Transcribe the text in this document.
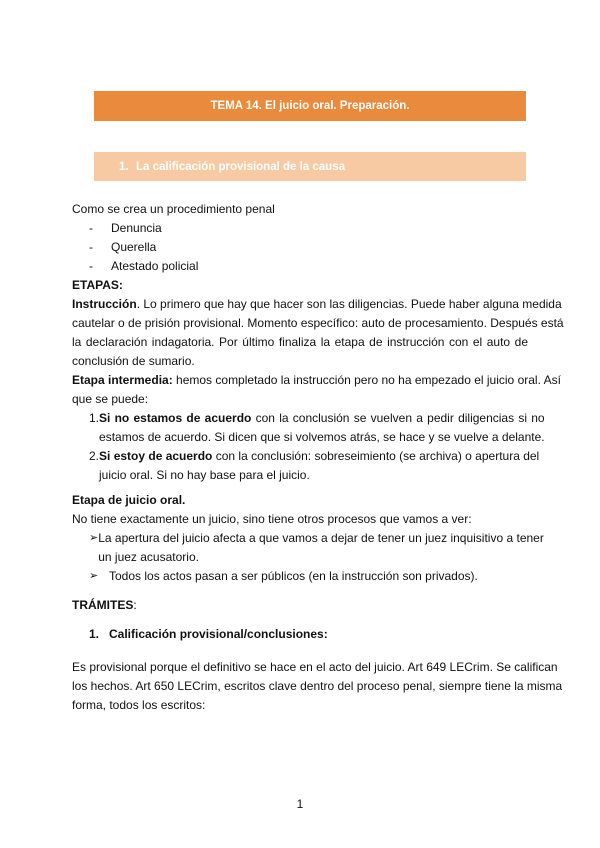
TEMA 14. El juicio oral. Preparación.
1. La calificación provisional de la causa
Como se crea un procedimiento penal
-	Denuncia
-	Querella
-	Atestado policial
ETAPAS:
Instrucción. Lo primero que hay que hacer son las diligencias. Puede haber alguna medida
cautelar o de prisión provisional. Momento específico: auto de procesamiento. Después está
la declaración indagatoria. Por último finaliza la etapa de instrucción con el auto de
conclusión de sumario.
Etapa intermedia: hemos completado la instrucción pero no ha empezado el juicio oral. Así
que se puede:
1. Si no estamos de acuerdo con la conclusión se vuelven a pedir diligencias si no
estamos de acuerdo. Si dicen que si volvemos atrás, se hace y se vuelve a delante.
2. Si estoy de acuerdo con la conclusión: sobreseimiento (se archiva) o apertura del
juicio oral. Si no hay base para el juicio.
Etapa de juicio oral.
No tiene exactamente un juicio, sino tiene otros procesos que vamos a ver:
➢ La apertura del juicio afecta a que vamos a dejar de tener un juez inquisitivo a tener
un juez acusatorio.
➢ Todos los actos pasan a ser públicos (en la instrucción son privados).
TRÁMITES:
1. Calificación provisional/conclusiones:
Es provisional porque el definitivo se hace en el acto del juicio. Art 649 LECrim. Se califican
los hechos. Art 650 LECrim, escritos clave dentro del proceso penal, siempre tiene la misma
forma, todos los escritos:
1
